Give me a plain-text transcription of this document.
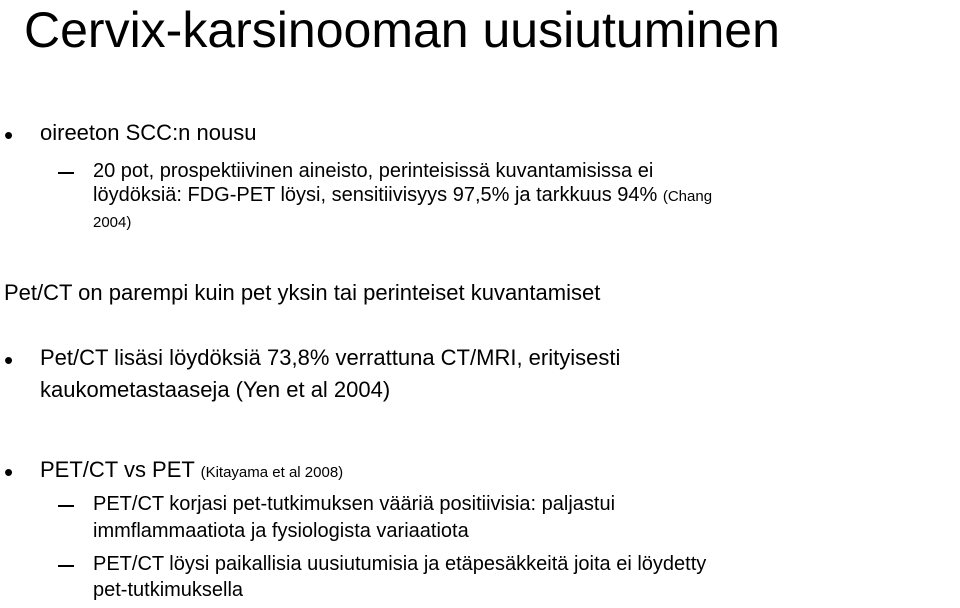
Cervix-karsinooman uusiutuminen
• oireeton SCC:n nousu
20 pot, prospektiivinen aineisto, perinteisissä kuvantamisissa ei
löydöksiä: FDG-PET löysi, sensitiivisyys 97,5% ja tarkkuus 94% (Chang
2004)
Pet/CT on parempi kuin pet yksin tai perinteiset kuvantamiset
• Pet/CT lisäsi löydöksiä 73,8% verrattuna CT/MRI, erityisesti
kaukometastaaseja (Yen et al 2004)
• PET/CT vs PET (Kitayama et al 2008)
PET/CT korjasi pet-tutkimuksen vääriä positiivisia: paljastui
immflammaatiota ja fysiologista variaatiota
PET/CT löysi paikallisia uusiutumisia ja etäpesäkkeitä joita ei löydetty
pet-tutkimuksella
